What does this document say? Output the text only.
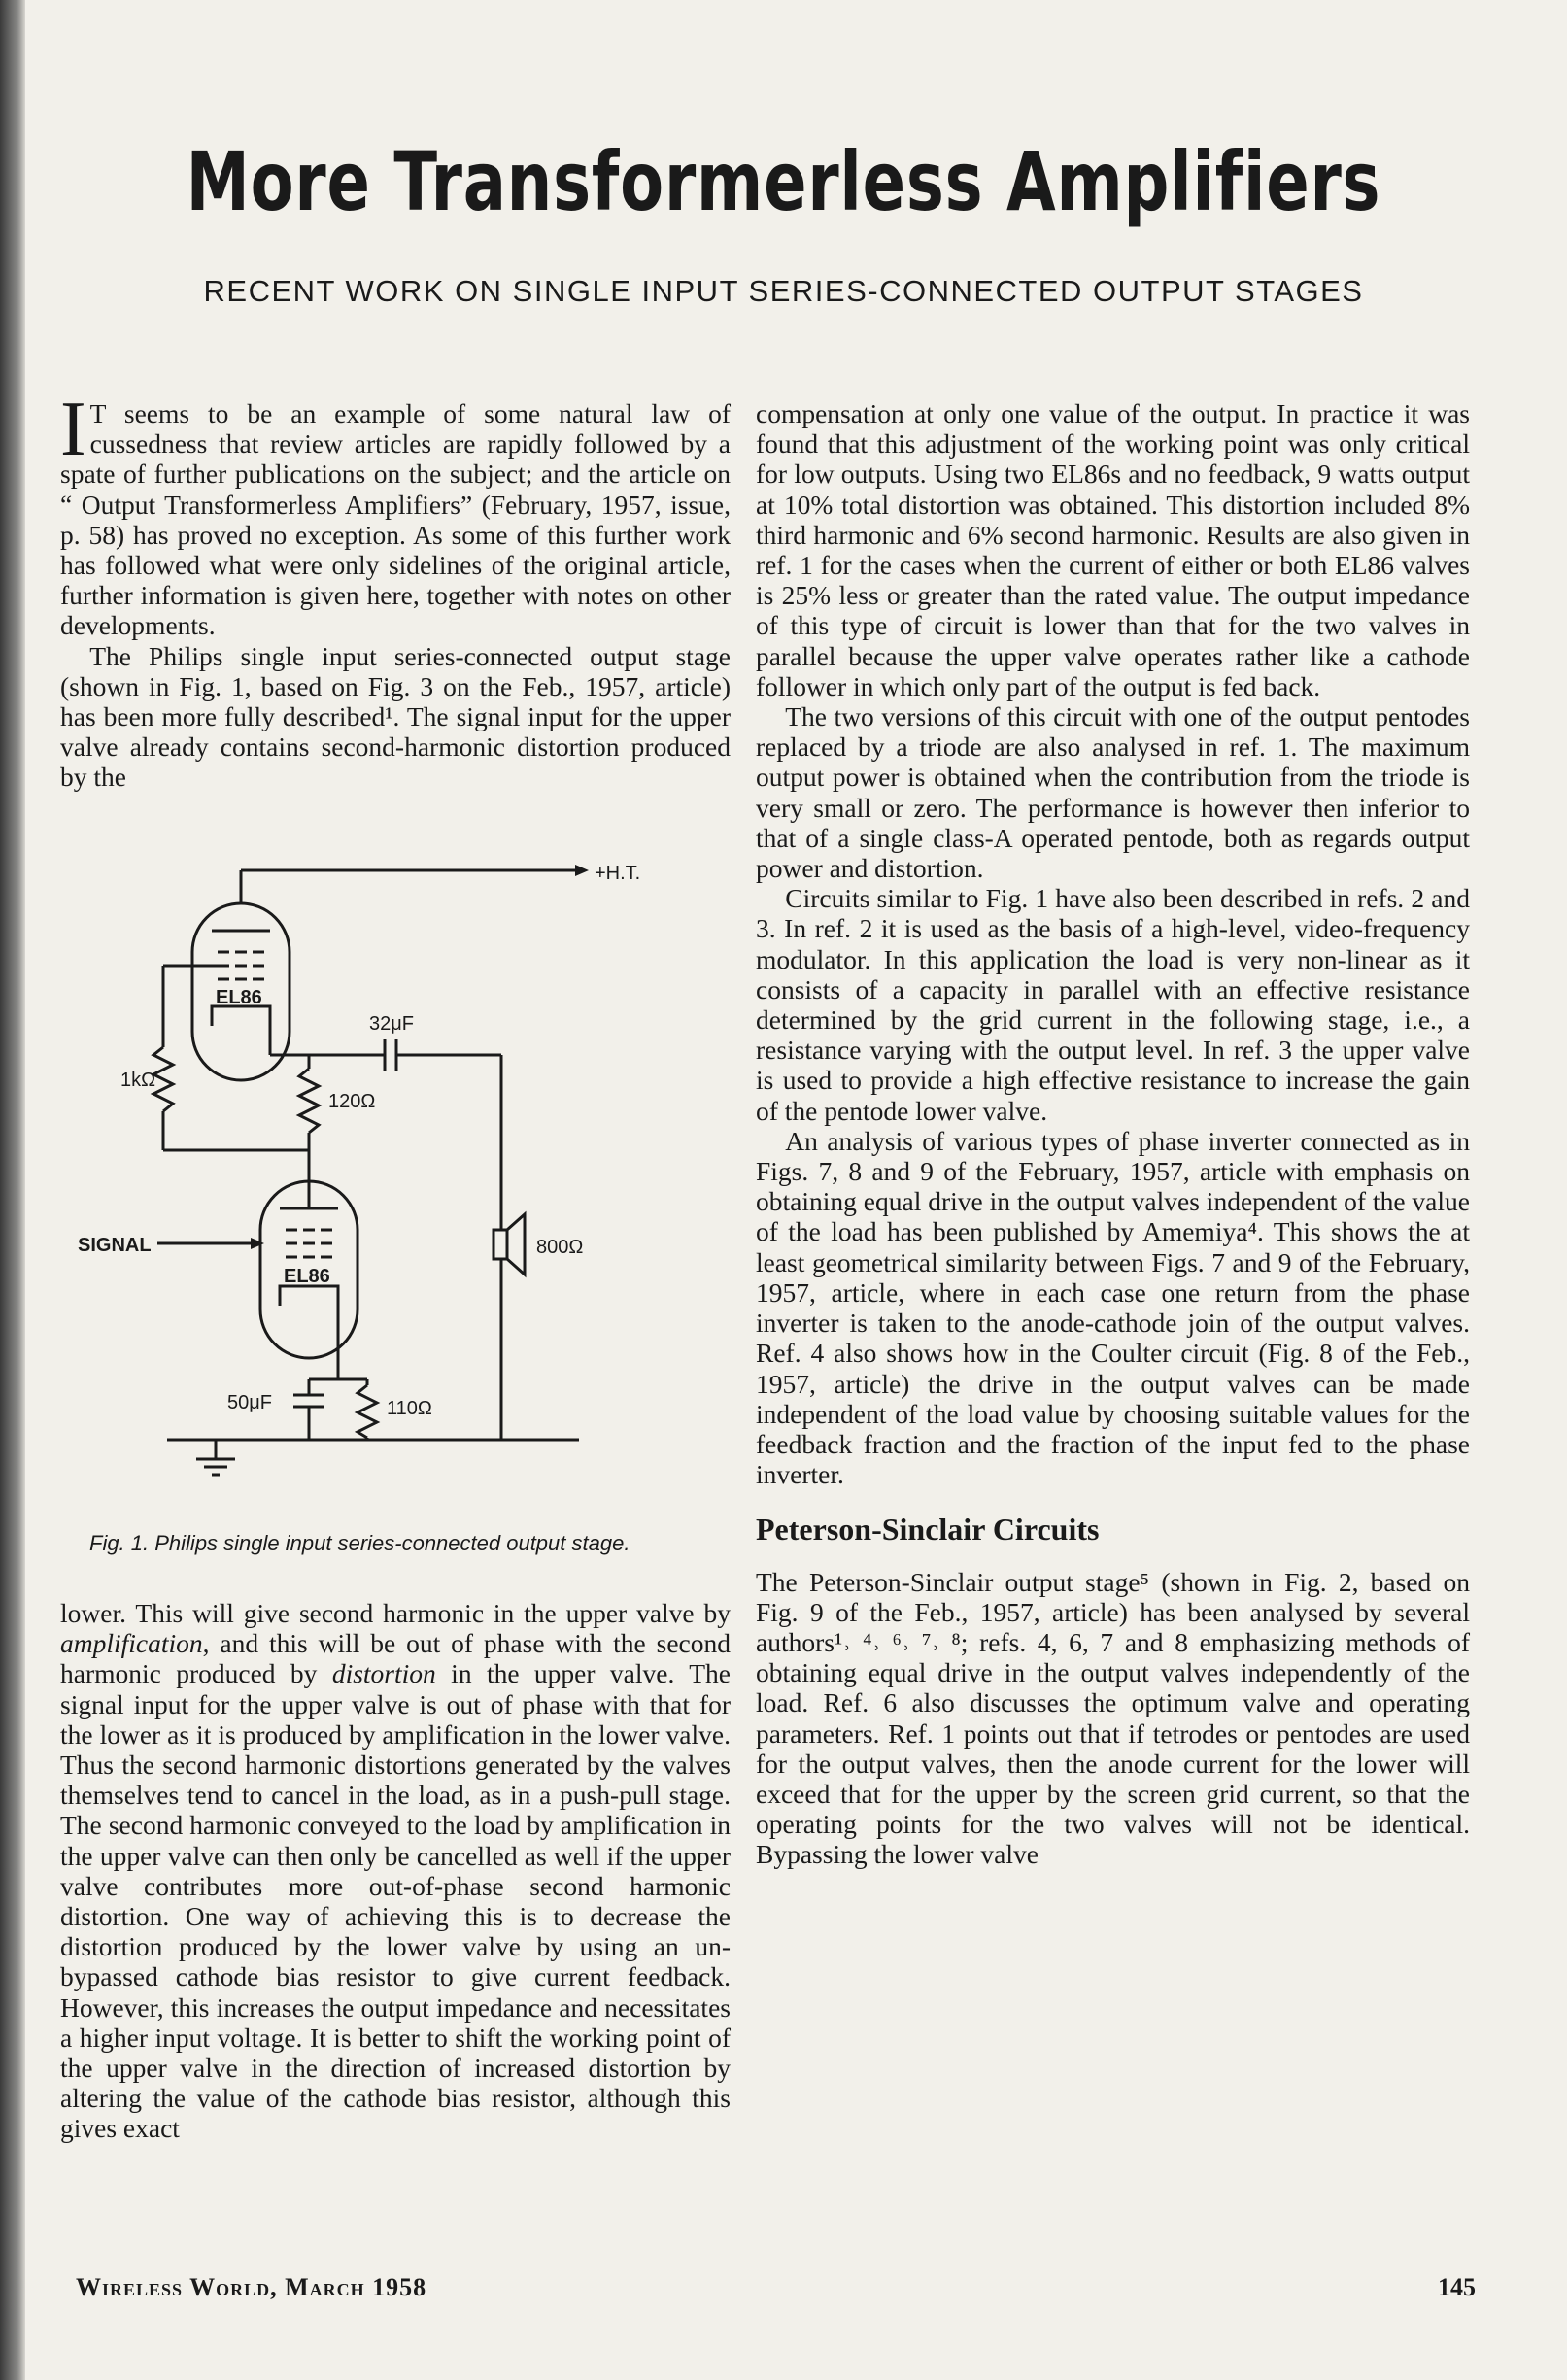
More Transformerless Amplifiers

RECENT WORK ON SINGLE INPUT SERIES-CONNECTED OUTPUT STAGES

I T seems to be an example of some natural law of cussedness that review articles are rapidly followed by a spate of further publications on the subject; and the article on “ Output Transformerless Amplifiers” (February, 1957, issue, p. 58) has proved no exception. As some of this further work has followed what were only sidelines of the original article, further information is given here, together with notes on other developments.

The Philips single input series-connected output stage (shown in Fig. 1, based on Fig. 3 on the Feb., 1957, article) has been more fully described¹. The signal input for the upper valve already contains second-harmonic distortion produced by the

+H.T.
EL86
1kΩ
32μF
120Ω
SIGNAL
EL86
800Ω
50μF	110Ω

Fig. 1. Philips single input series-connected output stage.

lower. This will give second harmonic in the upper valve by amplification, and this will be out of phase with the second harmonic produced by distortion in the upper valve. The signal input for the upper valve is out of phase with that for the lower as it is produced by amplification in the lower valve. Thus the second harmonic distortions generated by the valves themselves tend to cancel in the load, as in a push-pull stage. The second harmonic conveyed to the load by amplification in the upper valve can then only be cancelled as well if the upper valve contributes more out-of-phase second harmonic distortion. One way of achieving this is to decrease the distortion produced by the lower valve by using an un-bypassed cathode bias resistor to give current feedback. However, this increases the output impedance and necessitates a higher input voltage. It is better to shift the working point of the upper valve in the direction of increased distortion by altering the value of the cathode bias resistor, although this gives exact

compensation at only one value of the output. In practice it was found that this adjustment of the working point was only critical for low outputs. Using two EL86s and no feedback, 9 watts output at 10% total distortion was obtained. This distortion included 8% third harmonic and 6% second harmonic. Results are also given in ref. 1 for the cases when the current of either or both EL86 valves is 25% less or greater than the rated value. The output impedance of this type of circuit is lower than that for the two valves in parallel because the upper valve operates rather like a cathode follower in which only part of the output is fed back.

The two versions of this circuit with one of the output pentodes replaced by a triode are also analysed in ref. 1. The maximum output power is obtained when the contribution from the triode is very small or zero. The performance is however then inferior to that of a single class-A operated pentode, both as regards output power and distortion.

Circuits similar to Fig. 1 have also been described in refs. 2 and 3. In ref. 2 it is used as the basis of a high-level, video-frequency modulator. In this application the load is very non-linear as it consists of a capacity in parallel with an effective resistance determined by the grid current in the following stage, i.e., a resistance varying with the output level. In ref. 3 the upper valve is used to provide a high effective resistance to increase the gain of the pentode lower valve.

An analysis of various types of phase inverter connected as in Figs. 7, 8 and 9 of the February, 1957, article with emphasis on obtaining equal drive in the output valves independent of the value of the load has been published by Amemiya⁴. This shows the at least geometrical similarity between Figs. 7 and 9 of the February, 1957, article, where in each case one return from the phase inverter is taken to the anode-cathode join of the output valves. Ref. 4 also shows how in the Coulter circuit (Fig. 8 of the Feb., 1957, article) the drive in the output valves can be made independent of the load value by choosing suitable values for the feedback fraction and the fraction of the input fed to the phase inverter.

Peterson-Sinclair Circuits

The Peterson-Sinclair output stage⁵ (shown in Fig. 2, based on Fig. 9 of the Feb., 1957, article) has been analysed by several authors¹˒ ⁴˒ ⁶˒ ⁷˒ ⁸; refs. 4, 6, 7 and 8 emphasizing methods of obtaining equal drive in the output valves independently of the load. Ref. 6 also discusses the optimum valve and operating parameters. Ref. 1 points out that if tetrodes or pentodes are used for the output valves, then the anode current for the lower will exceed that for the upper by the screen grid current, so that the operating points for the two valves will not be identical. Bypassing the lower valve

Wireless World, March 1958	145
